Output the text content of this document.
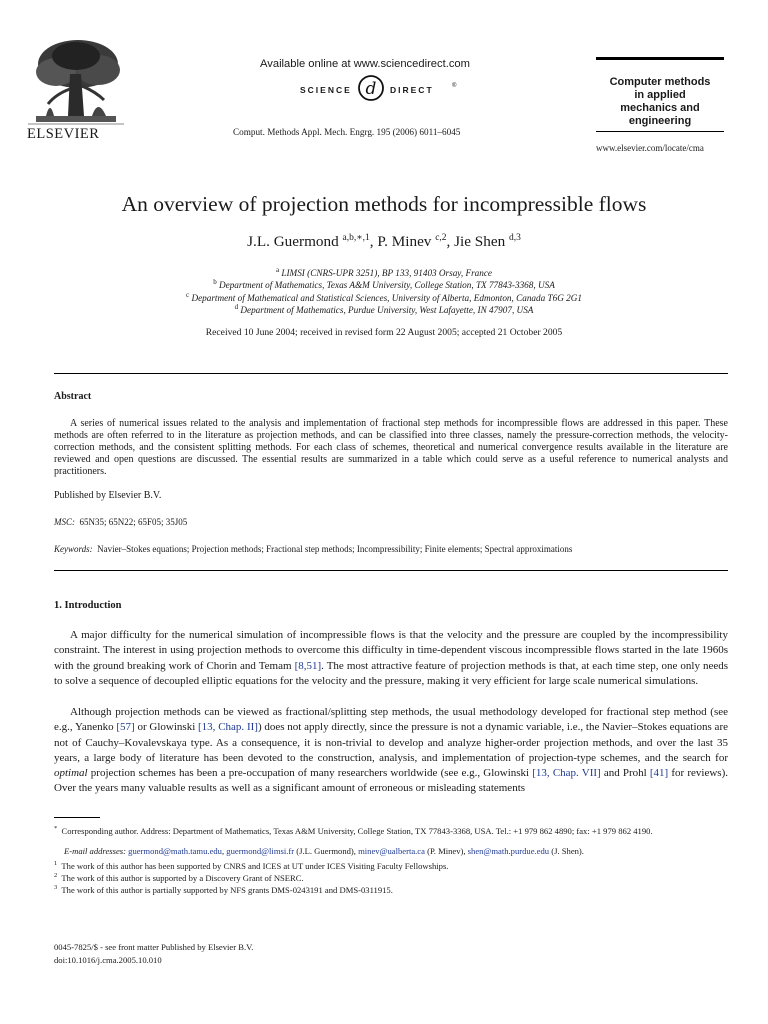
ELSEVIER
Available online at www.sciencedirect.com
SCIENCE d DIRECT	®
Comput. Methods Appl. Mech. Engrg. 195 (2006) 6011–6045
Computer methods
in applied
mechanics and
engineering
www.elsevier.com/locate/cma
An overview of projection methods for incompressible flows
J.L. Guermond $^{a,b,∗,1}$, P. Minev $^{c,2}$, Jie Shen $^{d,3}$
$^a$ LIMSI (CNRS-UPR 3251), BP 133, 91403 Orsay, France
$^b$ Department of Mathematics, Texas A&M University, College Station, TX 77843-3368, USA
$^c$ Department of Mathematical and Statistical Sciences, University of Alberta, Edmonton, Canada T6G 2G1
$^d$ Department of Mathematics, Purdue University, West Lafayette, IN 47907, USA
Received 10 June 2004; received in revised form 22 August 2005; accepted 21 October 2005
Abstract
A series of numerical issues related to the analysis and implementation of fractional step methods for incompressible flows are addressed in this paper. These methods are often referred to in the literature as projection methods, and can be classified into three classes, namely the pressure-correction methods, the velocity-correction methods, and the consistent splitting methods. For each class of schemes, theoretical and numerical convergence results available in the literature are reviewed and open questions are discussed. The essential results are summarized in a table which could serve as a useful reference to numerical analysts and practitioners.
Published by Elsevier B.V.
MSC: 65N35; 65N22; 65F05; 35J05
Keywords: Navier–Stokes equations; Projection methods; Fractional step methods; Incompressibility; Finite elements; Spectral approximations
1. Introduction
A major difficulty for the numerical simulation of incompressible flows is that the velocity and the pressure are coupled by the incompressibility constraint. The interest in using projection methods to overcome this difficulty in time-dependent viscous incompressible flows started in the late 1960s with the ground breaking work of Chorin and Temam [8,51]. The most attractive feature of projection methods is that, at each time step, one only needs to solve a sequence of decoupled elliptic equations for the velocity and the pressure, making it very efficient for large scale numerical simulations.
Although projection methods can be viewed as fractional/splitting step methods, the usual methodology developed for fractional step method (see e.g., Yanenko [57] or Glowinski [13, Chap. II]) does not apply directly, since the pressure is not a dynamic variable, i.e., the Navier–Stokes equations are not of Cauchy–Kovalevskaya type. As a consequence, it is non-trivial to develop and analyze higher-order projection methods, and over the last 35 years, a large body of literature has been devoted to the construction, analysis, and implementation of projection-type schemes, and the search for optimal projection schemes has been a pre-occupation of many researchers worldwide (see e.g., Glowinski [13, Chap. VII] and Prohl [41] for reviews). Over the years many valuable results as well as a significant amount of erroneous or misleading statements
* Corresponding author. Address: Department of Mathematics, Texas A&M University, College Station, TX 77843-3368, USA. Tel.: +1 979 862 4890; fax: +1 979 862 4190.
E-mail addresses: guermond@math.tamu.edu, guermond@limsi.fr (J.L. Guermond), minev@ualberta.ca (P. Minev), shen@math.purdue.edu (J. Shen).
$^1$ The work of this author has been supported by CNRS and ICES at UT under ICES Visiting Faculty Fellowships.
$^2$ The work of this author is supported by a Discovery Grant of NSERC.
$^3$ The work of this author is partially supported by NFS grants DMS-0243191 and DMS-0311915.
0045-7825/$ - see front matter Published by Elsevier B.V.
doi:10.1016/j.cma.2005.10.010
